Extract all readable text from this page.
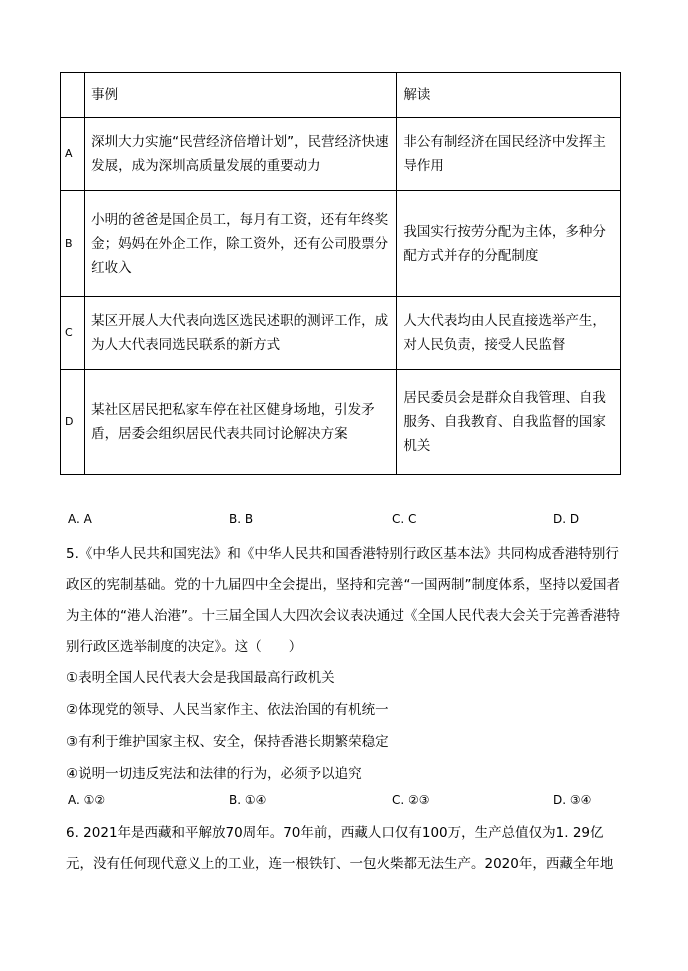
	事例	解读
A	深圳大力实施“民营经济倍增计划”，民营经济快速发展，成为深圳高质量发展的重要动力	非公有制经济在国民经济中发挥主导作用
B	小明的爸爸是国企员工，每月有工资，还有年终奖金；妈妈在外企工作，除工资外，还有公司股票分红收入	我国实行按劳分配为主体，多种分配方式并存的分配制度
C	某区开展人大代表向选区选民述职的测评工作，成为人大代表同选民联系的新方式	人大代表均由人民直接选举产生，对人民负责，接受人民监督
D	某社区居民把私家车停在社区健身场地，引发矛盾，居委会组织居民代表共同讨论解决方案	居民委员会是群众自我管理、自我服务、自我教育、自我监督的国家机关
A. A	B. B	C. C	D. D
5.《中华人民共和国宪法》和《中华人民共和国香港特别行政区基本法》共同构成香港特别行政区的宪制基础。党的十九届四中全会提出，坚持和完善“一国两制”制度体系，坚持以爱国者为主体的“港人治港”。十三届全国人大四次会议表决通过《全国人民代表大会关于完善香港特别行政区选举制度的决定》。这（　　）
①表明全国人民代表大会是我国最高行政机关
②体现党的领导、人民当家作主、依法治国的有机统一
③有利于维护国家主权、安全，保持香港长期繁荣稳定
④说明一切违反宪法和法律的行为，必须予以追究
A. ①②	B. ①④	C. ②③	D. ③④
6. 2021年是西藏和平解放70周年。70年前，西藏人口仅有100万，生产总值仅为1. 29亿元，没有任何现代意义上的工业，连一根铁钉、一包火柴都无法生产。2020年，西藏全年地
